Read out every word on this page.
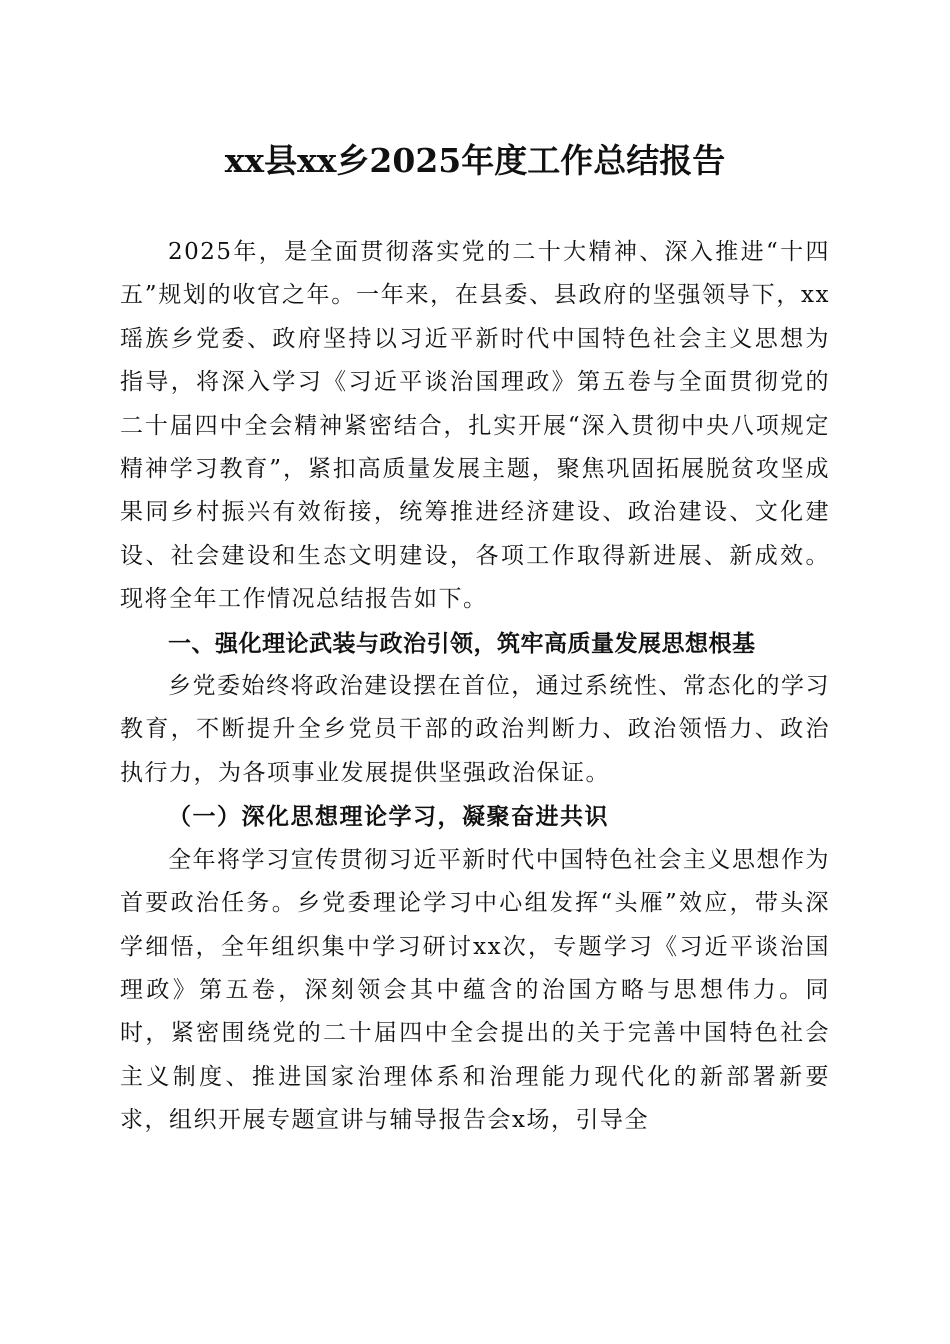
xx县xx乡2025年度工作总结报告

2025年，是全面贯彻落实党的二十大精神、深入推进“十四五”规划的收官之年。一年来，在县委、县政府的坚强领导下，xx瑶族乡党委、政府坚持以习近平新时代中国特色社会主义思想为指导，将深入学习《习近平谈治国理政》第五卷与全面贯彻党的二十届四中全会精神紧密结合，扎实开展“深入贯彻中央八项规定精神学习教育”，紧扣高质量发展主题，聚焦巩固拓展脱贫攻坚成果同乡村振兴有效衔接，统筹推进经济建设、政治建设、文化建设、社会建设和生态文明建设，各项工作取得新进展、新成效。现将全年工作情况总结报告如下。

一、强化理论武装与政治引领，筑牢高质量发展思想根基

乡党委始终将政治建设摆在首位，通过系统性、常态化的学习教育，不断提升全乡党员干部的政治判断力、政治领悟力、政治执行力，为各项事业发展提供坚强政治保证。

（一）深化思想理论学习，凝聚奋进共识

全年将学习宣传贯彻习近平新时代中国特色社会主义思想作为首要政治任务。乡党委理论学习中心组发挥“头雁”效应，带头深学细悟，全年组织集中学习研讨xx次，专题学习《习近平谈治国理政》第五卷，深刻领会其中蕴含的治国方略与思想伟力。同时，紧密围绕党的二十届四中全会提出的关于完善中国特色社会主义制度、推进国家治理体系和治理能力现代化的新部署新要求，组织开展专题宣讲与辅导报告会x场，引导全
